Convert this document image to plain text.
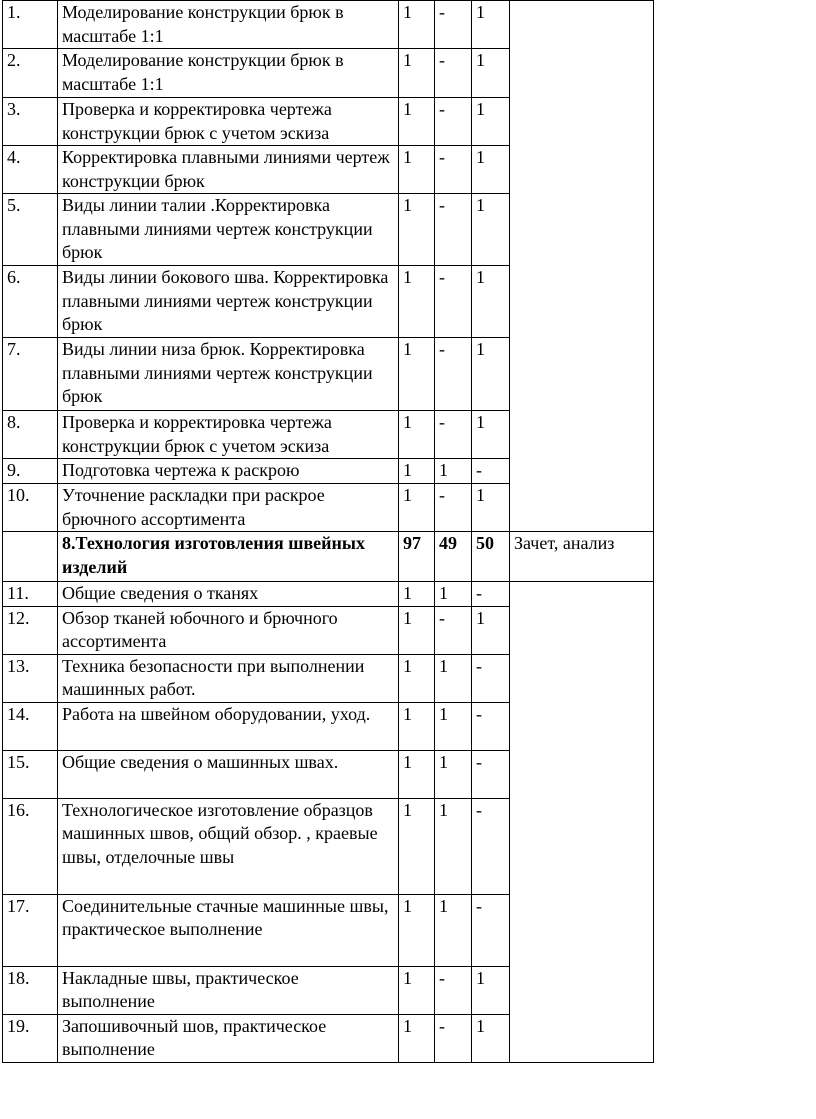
1.	Моделирование конструкции брюк в масштабе 1:1	1	-	1	
2.	Моделирование конструкции брюк в масштабе 1:1	1	-	1	
3.	Проверка и корректировка чертежа конструкции брюк с учетом эскиза	1	-	1	
4.	Корректировка плавными линиями чертеж конструкции брюк	1	-	1	
5.	Виды линии талии .Корректировка плавными линиями чертеж конструкции брюк	1	-	1	
6.	Виды линии бокового шва. Корректировка плавными линиями чертеж конструкции брюк	1	-	1	
7.	Виды линии низа брюк. Корректировка плавными линиями чертеж конструкции брюк	1	-	1	
8.	Проверка и корректировка чертежа конструкции брюк с учетом эскиза	1	-	1	
9.	Подготовка чертежа к раскрою	1	1	-	
10.	Уточнение раскладки при раскрое брючного ассортимента	1	-	1	
	8.Технология изготовления швейных изделий	97	49	50	Зачет, анализ
11.	Общие сведения о тканях	1	1	-	
12.	Обзор тканей юбочного и брючного ассортимента	1	-	1	
13.	Техника безопасности при выполнении машинных работ.	1	1	-	
14.	Работа на швейном оборудовании, уход.	1	1	-	
15.	Общие сведения о машинных швах.	1	1	-	
16.	Технологическое изготовление образцов машинных швов, общий обзор. , краевые швы, отделочные швы	1	1	-	
17.	Соединительные стачные машинные швы, практическое выполнение	1	1	-	
18.	Накладные швы, практическое выполнение	1	-	1	
19.	Запошивочный шов, практическое выполнение	1	-	1	
